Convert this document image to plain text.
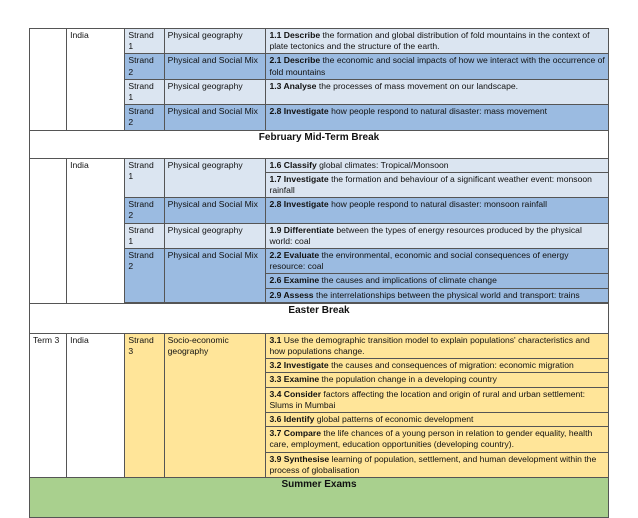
	India	Strand 1	Physical geography	1.1 Describe the formation and global distribution of fold mountains in the context of plate tectonics and the structure of the earth.
		Strand 2	Physical and Social Mix	2.1 Describe the economic and social impacts of how we interact with the occurrence of fold mountains
		Strand 1	Physical geography	1.3 Analyse the processes of mass movement on our landscape.
		Strand 2	Physical and Social Mix	2.8 Investigate how people respond to natural disaster: mass movement
February Mid-Term Break				
	India	Strand 1	Physical geography	1.6 Classify global climates: Tropical/Monsoon
				1.7 Investigate the formation and behaviour of a significant weather event: monsoon rainfall
		Strand 2	Physical and Social Mix	2.8 Investigate how people respond to natural disaster: monsoon rainfall
		Strand 1	Physical geography	1.9 Differentiate between the types of energy resources produced by the physical world: coal
		Strand 2	Physical and Social Mix	2.2 Evaluate the environmental, economic and social consequences of energy resource: coal
				2.6 Examine the causes and implications of climate change
				2.9 Assess the interrelationships between the physical world and transport: trains

Easter Break				
Term 3	India	Strand 3	Socio-economic geography	3.1 Use the demographic transition model to explain populations' characteristics and how populations change.
				3.2 Investigate the causes and consequences of migration: economic migration
				3.3 Examine the population change in a developing country
				3.4 Consider factors affecting the location and origin of rural and urban settlement: Slums in Mumbai
				3.6 Identify global patterns of economic development
				3.7 Compare the life chances of a young person in relation to gender equality, health care, employment, education opportunities (developing country).
				3.9 Synthesise learning of population, settlement, and human development within the process of globalisation
Summer Exams				
